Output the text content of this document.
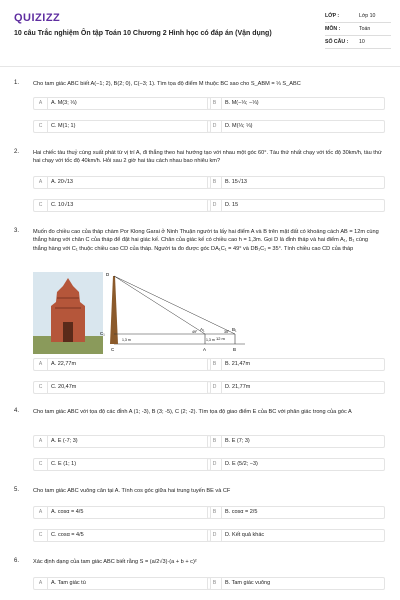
QUIZIZZ
10 câu Trắc nghiệm Ôn tập Toán 10 Chương 2 Hình học có đáp án (Vận dụng)
LỚP :	Lớp 10
MÔN :	Toán
SỐ CÂU :	10
1. Cho tam giác ABC biết A(−1; 2), B(2; 0), C(−3; 1). Tìm tọa độ điểm M thuộc BC sao cho S_ABM = ⅓ S_ABC
A	A. M(3; ⅓)	B	B. M(−⅓; −⅓)
C	C. M(1; 1)	D	D. M(⅓; ⅓)
2. Hai chiếc tàu thuỷ cùng xuất phát từ vị trí A, đi thẳng theo hai hướng tạo với nhau một góc 60°. Tàu thứ nhất chạy với tốc độ 30km/h, tàu thứ hai chạy với tốc độ 40km/h. Hỏi sau 2 giờ hai tàu cách nhau bao nhiêu km?
A	A. 20√13	B	B. 15√13
C	C. 10√13	D	D. 15
3. Muốn đo chiều cao của tháp chàm Por Klong Garai ở Ninh Thuận người ta lấy hai điểm A và B trên mặt đất có khoảng cách AB = 12m cùng thẳng hàng với chân C của tháp để đặt hai giác kế. Chân của giác kế có chiều cao h = 1,3m. Gọi D là đỉnh tháp và hai điểm A₁, B₁ cùng thẳng hàng với C₁ thuộc chiều cao CD của tháp. Người ta đo được góc DA₁C₁ = 49° và DB₁C₁ = 35°. Tính chiều cao CD của tháp
C₁
D
C
A₁	B₁
A	B
12 m
1,3 m
1,3 m
49°	35°
A	A. 22,77m	B	B. 21,47m
C	C. 20,47m	D	D. 21,77m
4. Cho tam giác ABC với tọa độ các đỉnh A (1; -3), B (3; -5), C (2; -2). Tìm tọa độ giao điểm E của BC với phân giác trong của góc A
A	A. E (-7; 3)	B	B. E (7; 3)
C	C. E (1; 1)	D	D. E (5/2; −3)
5. Cho tam giác ABC vuông cân tại A. Tính cos góc giữa hai trung tuyến BE và CF
A	A. cosα = 4/5	B	B. cosα = 2/5
C	C. cosα = 4/5	D	D. Kết quả khác
6. Xác định dạng của tam giác ABC biết rằng S = (a/2√3)·(a + b + c)²
A	A. Tam giác tù	B	B. Tam giác vuông
